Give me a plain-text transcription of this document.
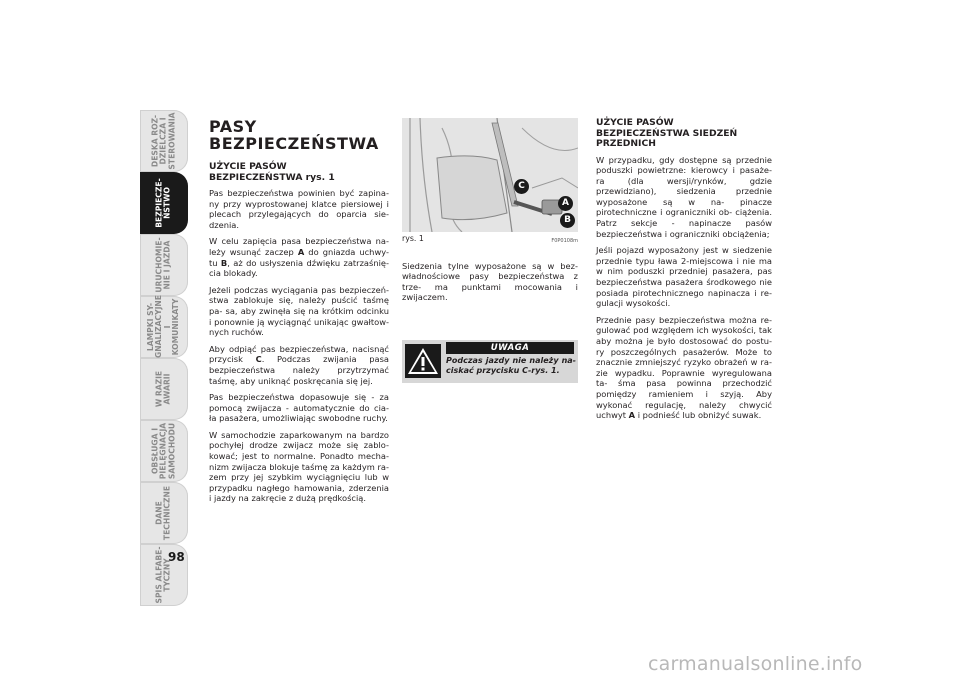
DESKA ROZ-
DZIELCZA I
STEROWANIA
BEZPIECZE-
ŃSTWO
URUCHOMIE-
NIE I JAZDA
LAMPKI SY-
GNALIZACYJNE I
KOMUNIKATY
W RAZIE
AWARII
OBSŁUGA I
PIELĘGNACJA
SAMOCHODU
DANE
TECHNICZNE
SPIS ALFABE-
TYCZNY
98
PASY
BEZPIECZEŃSTWA
UŻYCIE PASÓW
BEZPIECZEŃSTWA rys. 1

Pas bezpieczeństwa powinien być zapina- ny przy wyprostowanej klatce piersiowej i plecach przylegających do oparcia sie- dzenia.

W celu zapięcia pasa bezpieczeństwa na- leży wsunąć zaczep A do gniazda uchwy- tu B, aż do usłyszenia dźwięku zatrzaśnię- cia blokady.

Jeżeli podczas wyciągania pas bezpieczeń- stwa zablokuje się, należy puścić taśmę pa- sa, aby zwinęła się na krótkim odcinku i ponownie ją wyciągnąć unikając gwałtow- nych ruchów.

Aby odpiąć pas bezpieczeństwa, nacisnąć przycisk C. Podczas zwijania pasa bezpieczeństwa należy przytrzymać taśmę, aby uniknąć poskręcania się jej.

Pas bezpieczeństwa dopasowuje się - za pomocą zwijacza - automatycznie do cia- ła pasażera, umożliwiając swobodne ruchy.

W samochodzie zaparkowanym na bardzo pochyłej drodze zwijacz może się zablo- kować; jest to normalne. Ponadto mecha- nizm zwijacza blokuje taśmę za każdym ra- zem przy jej szybkim wyciągnięciu lub w przypadku nagłego hamowania, zderzenia i jazdy na zakręcie z dużą prędkością.

C
A
B
rys. 1	F0P0108m

Siedzenia tylne wyposażone są w bez- władnościowe pasy bezpieczeństwa z trze- ma punktami mocowania i zwijaczem.

UWAGA
Podczas jazdy nie należy na- ciskać przycisku C-rys. 1.
UŻYCIE PASÓW
BEZPIECZEŃSTWA SIEDZEŃ
PRZEDNICH

W przypadku, gdy dostępne są przednie poduszki powietrzne: kierowcy i pasaże- ra (dla wersji/rynków, gdzie przewidziano), siedzenia przednie wyposażone są w na- pinacze pirotechniczne i ograniczniki ob- ciążenia. Patrz sekcje - napinacze pasów bezpieczeństwa i ograniczniki obciążenia;

Jeśli pojazd wyposażony jest w siedzenie przednie typu ława 2-miejscowa i nie ma w nim poduszki przedniej pasażera, pas bezpieczeństwa pasażera środkowego nie posiada pirotechnicznego napinacza i re- gulacji wysokości.

Przednie pasy bezpieczeństwa można re- gulować pod względem ich wysokości, tak aby można je było dostosować do postu- ry poszczególnych pasażerów. Może to znacznie zmniejszyć ryzyko obrażeń w ra- zie wypadku. Poprawnie wyregulowana ta- śma pasa powinna przechodzić pomiędzy ramieniem i szyją. Aby wykonać regulację, należy chwycić uchwyt A i podnieść lub obniżyć suwak.

carmanualsonline.info
